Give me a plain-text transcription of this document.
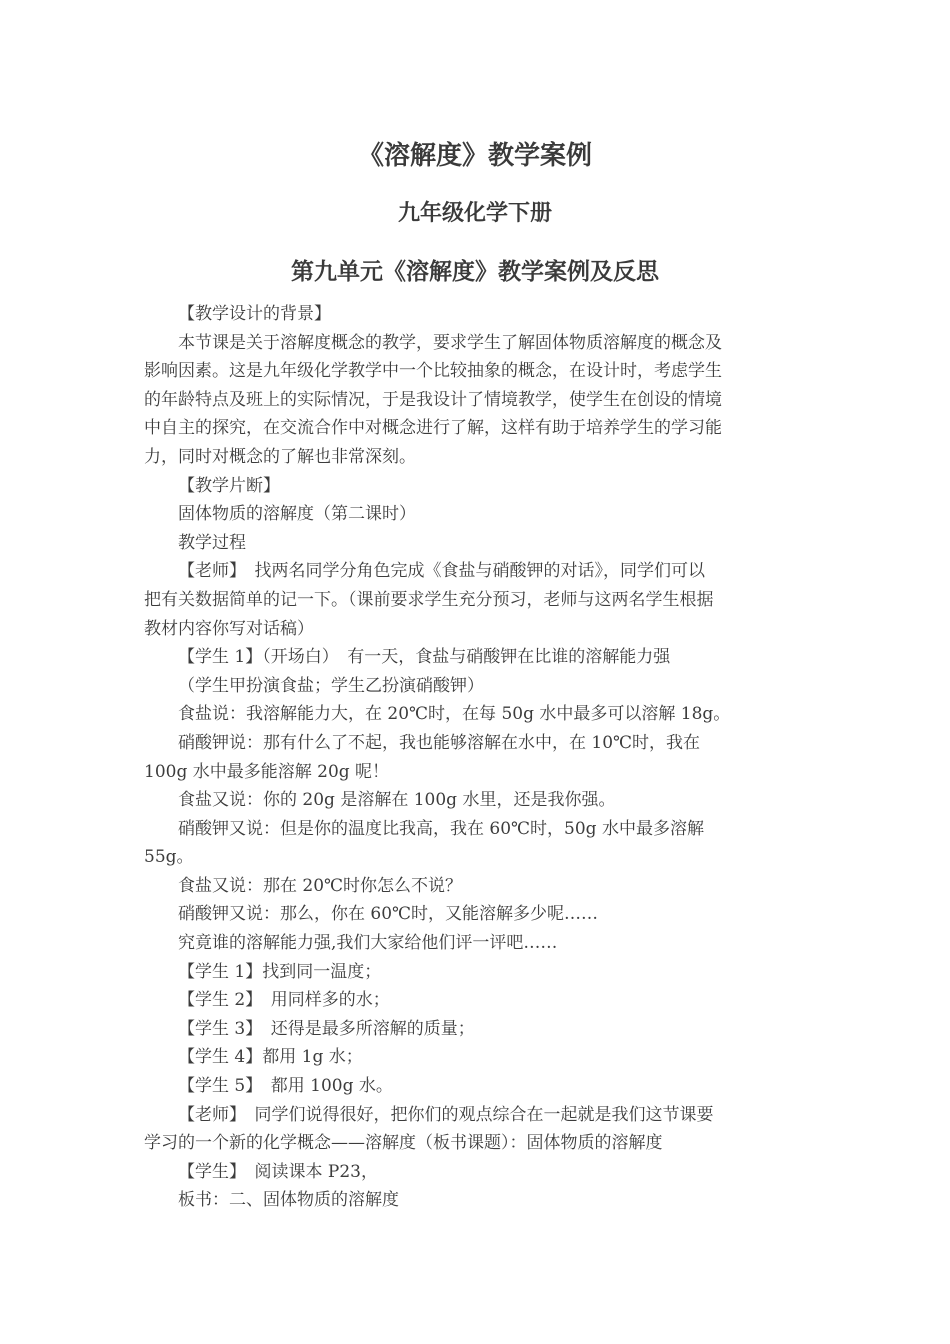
《溶解度》教学案例
九年级化学下册
第九单元《溶解度》教学案例及反思

【教学设计的背景】

本节课是关于溶解度概念的教学，要求学生了解固体物质溶解度的概念及

影响因素。这是九年级化学教学中一个比较抽象的概念，在设计时，考虑学生

的年龄特点及班上的实际情况，于是我设计了情境教学，使学生在创设的情境

中自主的探究，在交流合作中对概念进行了解，这样有助于培养学生的学习能

力，同时对概念的了解也非常深刻。

【教学片断】

固体物质的溶解度（第二课时）

教学过程

【老师】　找两名同学分角色完成《食盐与硝酸钾的对话》，同学们可以

把有关数据简单的记一下。（课前要求学生充分预习，老师与这两名学生根据

教材内容你写对话稿）

【学生 1】（开场白）　有一天，食盐与硝酸钾在比谁的溶解能力强

（学生甲扮演食盐；学生乙扮演硝酸钾）

食盐说：我溶解能力大，在 20℃时，在每 50g 水中最多可以溶解 18g。

硝酸钾说：那有什么了不起，我也能够溶解在水中，在 10℃时，我在

100g 水中最多能溶解 20g 呢！

食盐又说：你的 20g 是溶解在 100g 水里，还是我你强。

硝酸钾又说：但是你的温度比我高，我在 60℃时，50g 水中最多溶解

55g。

食盐又说：那在 20℃时你怎么不说？

硝酸钾又说：那么，你在 60℃时，又能溶解多少呢……

究竟谁的溶解能力强,我们大家给他们评一评吧……

【学生 1】找到同一温度；

【学生 2】　用同样多的水；

【学生 3】　还得是最多所溶解的质量；

【学生 4】都用 1g 水；

【学生 5】　都用 100g 水。

【老师】　同学们说得很好，把你们的观点综合在一起就是我们这节课要

学习的一个新的化学概念——溶解度（板书课题）：固体物质的溶解度

【学生】　阅读课本 P23，

板书：二、固体物质的溶解度
